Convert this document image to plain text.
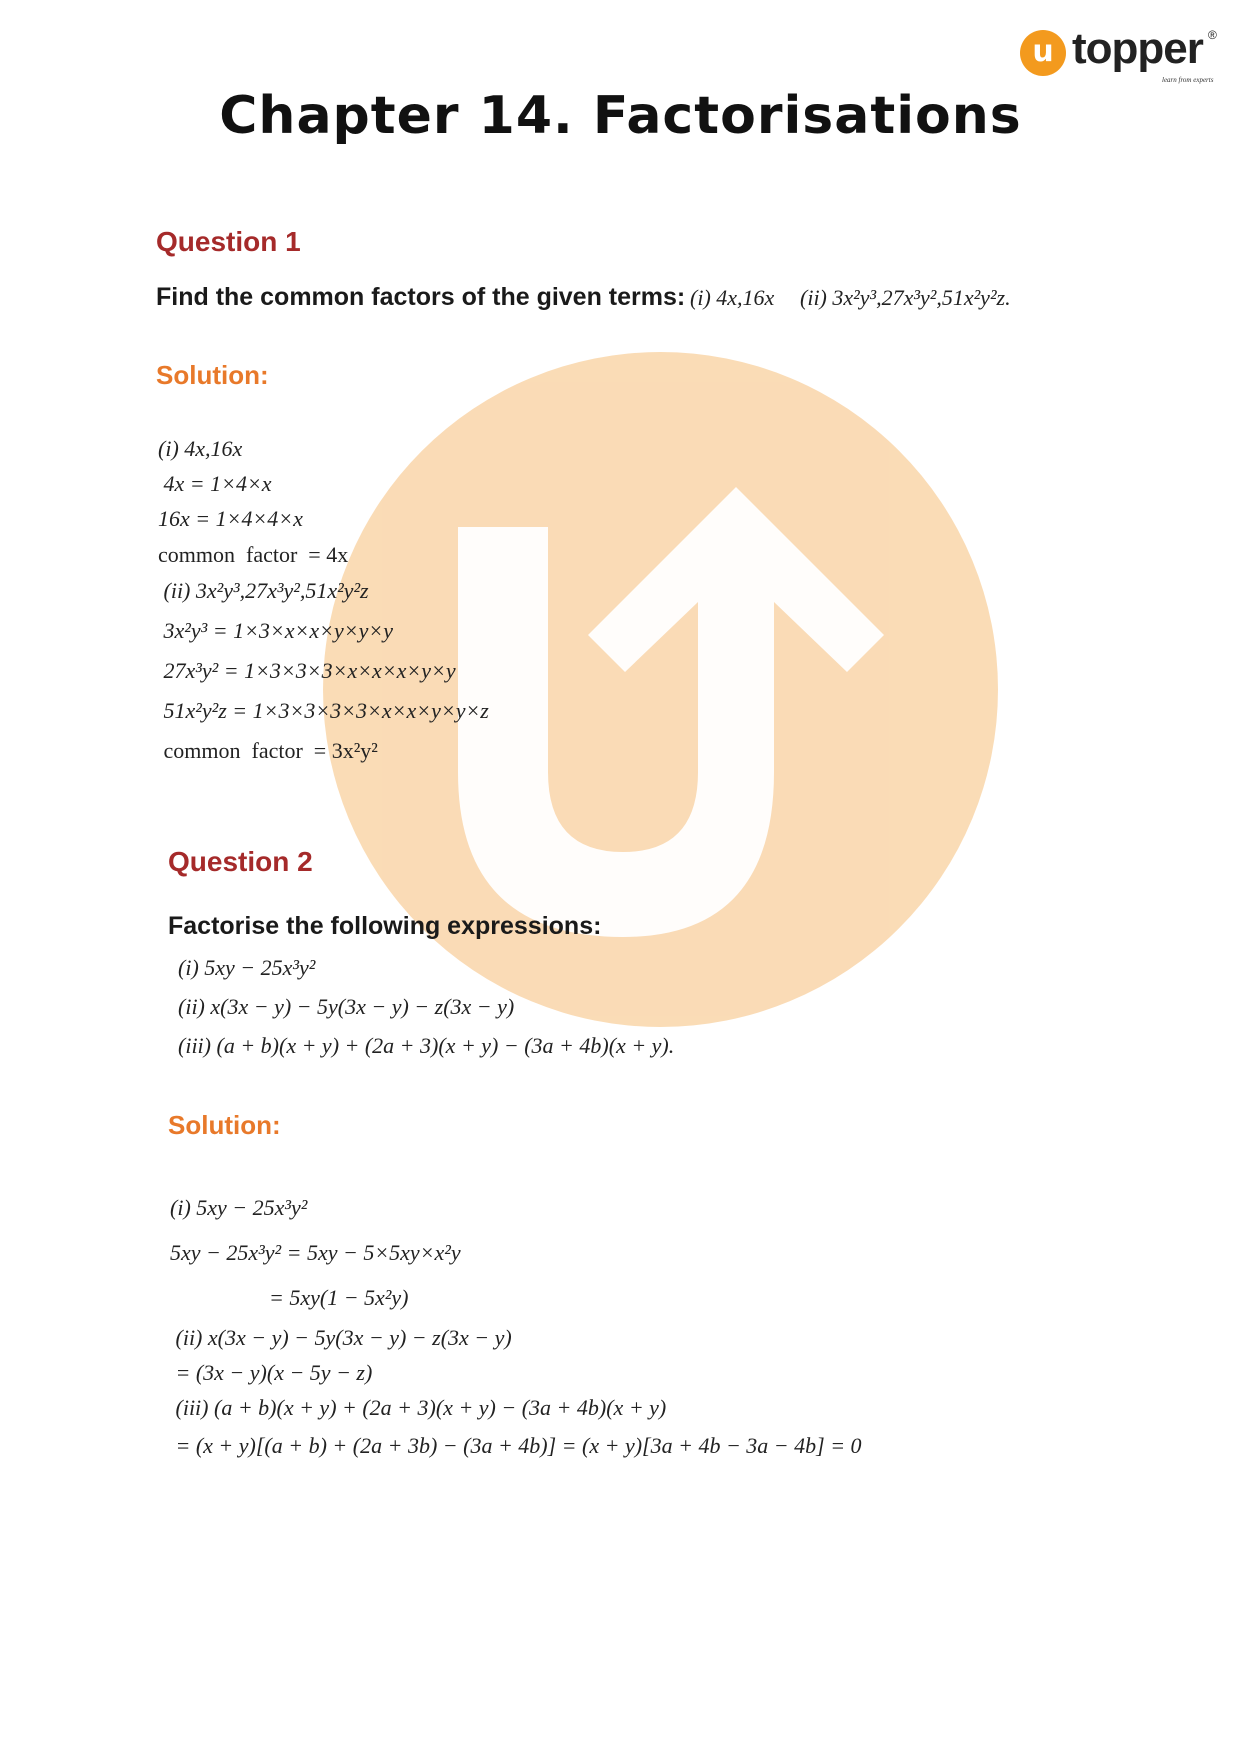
u topper ®
learn from experts
Chapter 14. Factorisations
Question 1
Find the common factors of the given terms: (i) 4x,16x (ii) 3x²y³,27x³y²,51x²y²z.
Solution:
(i) 4x,16x
4x = 1×4×x
16x = 1×4×4×x
common  factor  = 4x
(ii) 3x²y³,27x³y²,51x²y²z
3x²y³ = 1×3×x×x×y×y×y
27x³y² = 1×3×3×3×x×x×x×y×y
51x²y²z = 1×3×3×3×3×x×x×y×y×z
common  factor  = 3x²y²
Question 2
Factorise the following expressions:
(i) 5xy − 25x³y²
(ii) x(3x − y) − 5y(3x − y) − z(3x − y)
(iii) (a + b)(x + y) + (2a + 3)(x + y) − (3a + 4b)(x + y).
Solution:
(i) 5xy − 25x³y²
5xy − 25x³y² = 5xy − 5×5xy×x²y
= 5xy(1 − 5x²y)
(ii) x(3x − y) − 5y(3x − y) − z(3x − y)
= (3x − y)(x − 5y − z)
(iii) (a + b)(x + y) + (2a + 3)(x + y) − (3a + 4b)(x + y)
= (x + y)[(a + b) + (2a + 3b) − (3a + 4b)] = (x + y)[3a + 4b − 3a − 4b] = 0
